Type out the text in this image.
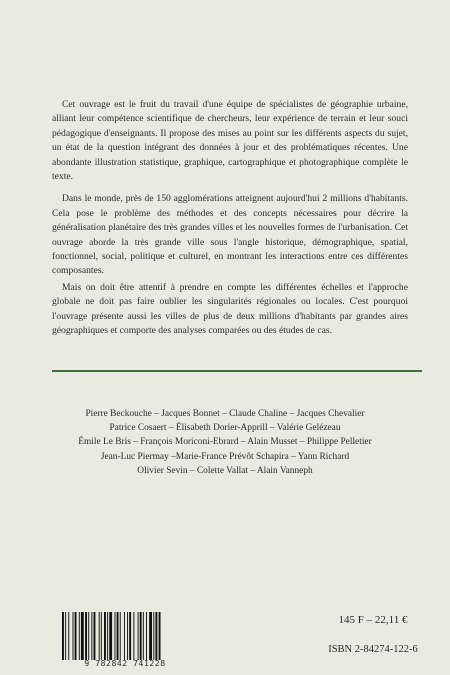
Cet ouvrage est le fruit du travail d'une équipe de spécialistes de géographie urbaine, alliant leur compétence scientifique de chercheurs, leur expérience de terrain et leur souci pédagogique d'enseignants. Il propose des mises au point sur les différents aspects du sujet, un état de la question intégrant des données à jour et des problématiques récentes. Une abondante illustration statistique, graphique, cartographique et photographique complète le texte.

Dans le monde, près de 150 agglomérations atteignent aujourd'hui 2 millions d'habitants. Cela pose le problème des méthodes et des concepts nécessaires pour décrire la généralisation planétaire des très grandes villes et les nouvelles formes de l'urbanisation. Cet ouvrage aborde la très grande ville sous l'angle historique, démographique, spatial, fonctionnel, social, politique et culturel, en montrant les interactions entre ces différentes composantes.

Mais on doit être attentif à prendre en compte les différentes échelles et l'approche globale ne doit pas faire oublier les singularités régionales ou locales. C'est pourquoi l'ouvrage présente aussi les villes de plus de deux millions d'habitants par grandes aires géographiques et comporte des analyses comparées ou des études de cas.

Pierre Beckouche – Jacques Bonnet – Claude Chaline – Jacques Chevalier
Patrice Cosaert – Élisabeth Dorier-Apprill – Valérie Gelézeau
Émile Le Bris – François Moriconi-Ebrard – Alain Musset – Philippe Pelletier
Jean-Luc Piermay –Marie-France Prévôt Schapira – Yann Richard
Olivier Sevin – Colette Vallat – Alain Vanneph
9 782842 741228
145 F – 22,11 €
ISBN 2-84274-122-6
